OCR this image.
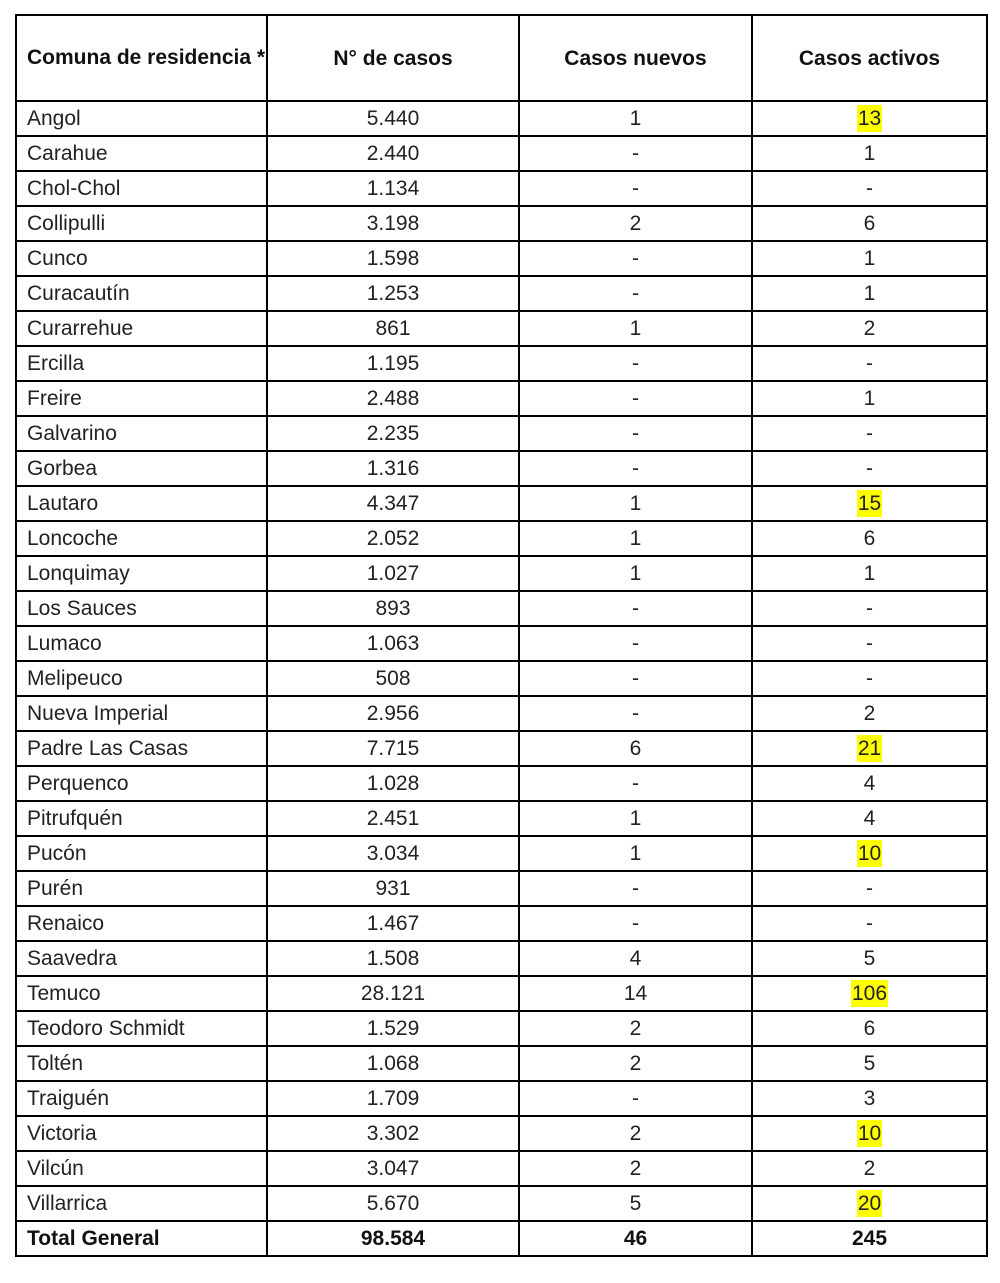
Comuna de residencia *	N° de casos	Casos nuevos	Casos activos
Angol	5.440	1	13
Carahue	2.440	-	1
Chol-Chol	1.134	-	-
Collipulli	3.198	2	6
Cunco	1.598	-	1
Curacautín	1.253	-	1
Curarrehue	861	1	2
Ercilla	1.195	-	-
Freire	2.488	-	1
Galvarino	2.235	-	-
Gorbea	1.316	-	-
Lautaro	4.347	1	15
Loncoche	2.052	1	6
Lonquimay	1.027	1	1
Los Sauces	893	-	-
Lumaco	1.063	-	-
Melipeuco	508	-	-
Nueva Imperial	2.956	-	2
Padre Las Casas	7.715	6	21
Perquenco	1.028	-	4
Pitrufquén	2.451	1	4
Pucón	3.034	1	10
Purén	931	-	-
Renaico	1.467	-	-
Saavedra	1.508	4	5
Temuco	28.121	14	106
Teodoro Schmidt	1.529	2	6
Toltén	1.068	2	5
Traiguén	1.709	-	3
Victoria	3.302	2	10
Vilcún	3.047	2	2
Villarrica	5.670	5	20
Total General	98.584	46	245
